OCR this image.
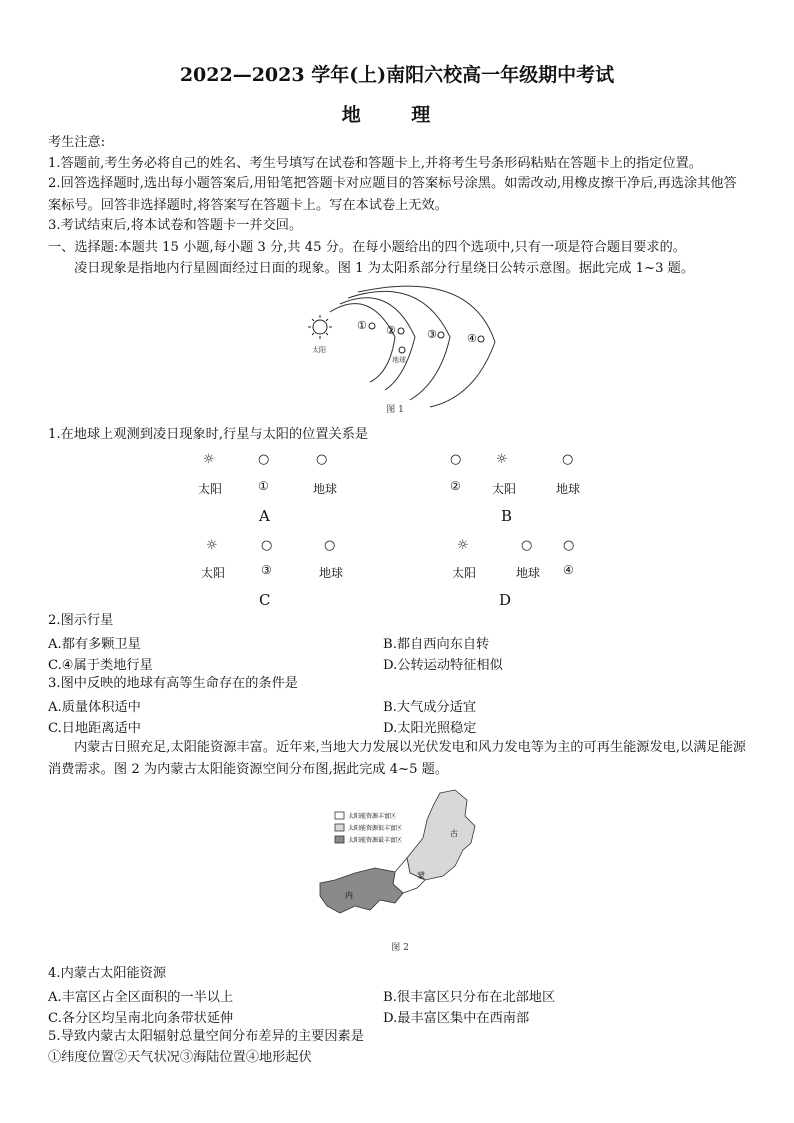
2022—2023 学年(上)南阳六校高一年级期中考试
地 理
考生注意:
1.答题前,考生务必将自己的姓名、考生号填写在试卷和答题卡上,并将考生号条形码粘贴在答题卡上的指定位置。
2.回答选择题时,选出每小题答案后,用铅笔把答题卡对应题目的答案标号涂黑。如需改动,用橡皮擦干净后,再选涂其他答案标号。回答非选择题时,将答案写在答题卡上。写在本试卷上无效。
3.考试结束后,将本试卷和答题卡一并交回。
一、选择题:本题共 15 小题,每小题 3 分,共 45 分。在每小题给出的四个选项中,只有一项是符合题目要求的。
凌日现象是指地内行星圆面经过日面的现象。图 1 为太阳系部分行星绕日公转示意图。据此完成 1~3 题。
太阳
① ②	③	④
地球
图 1
1.在地球上观测到凌日现象时,行星与太阳的位置关系是
☼	○	○
太阳	①	地球
A
○	☼	○
②	太阳	地球
B
☼	○	○
太阳	③	地球
C
☼	○ ○
太阳	地球 ④
D
2.图示行星
A.都有多颗卫星	B.都自西向东自转
C.④属于类地行星	D.公转运动特征相似
3.图中反映的地球有高等生命存在的条件是
A.质量体积适中	B.大气成分适宜
C.日地距离适中	D.太阳光照稳定
内蒙古日照充足,太阳能资源丰富。近年来,当地大力发展以光伏发电和风力发电等为主的可再生能源发电,以满足能源消费需求。图 2 为内蒙古太阳能资源空间分布图,据此完成 4~5 题。
太阳能资源丰富区
太阳能资源很丰富区
太阳能资源最丰富区
古
蒙
内
图 2
4.内蒙古太阳能资源
A.丰富区占全区面积的一半以上	B.很丰富区只分布在北部地区
C.各分区均呈南北向条带状延伸	D.最丰富区集中在西南部
5.导致内蒙古太阳辐射总量空间分布差异的主要因素是
①纬度位置②天气状况③海陆位置④地形起伏
